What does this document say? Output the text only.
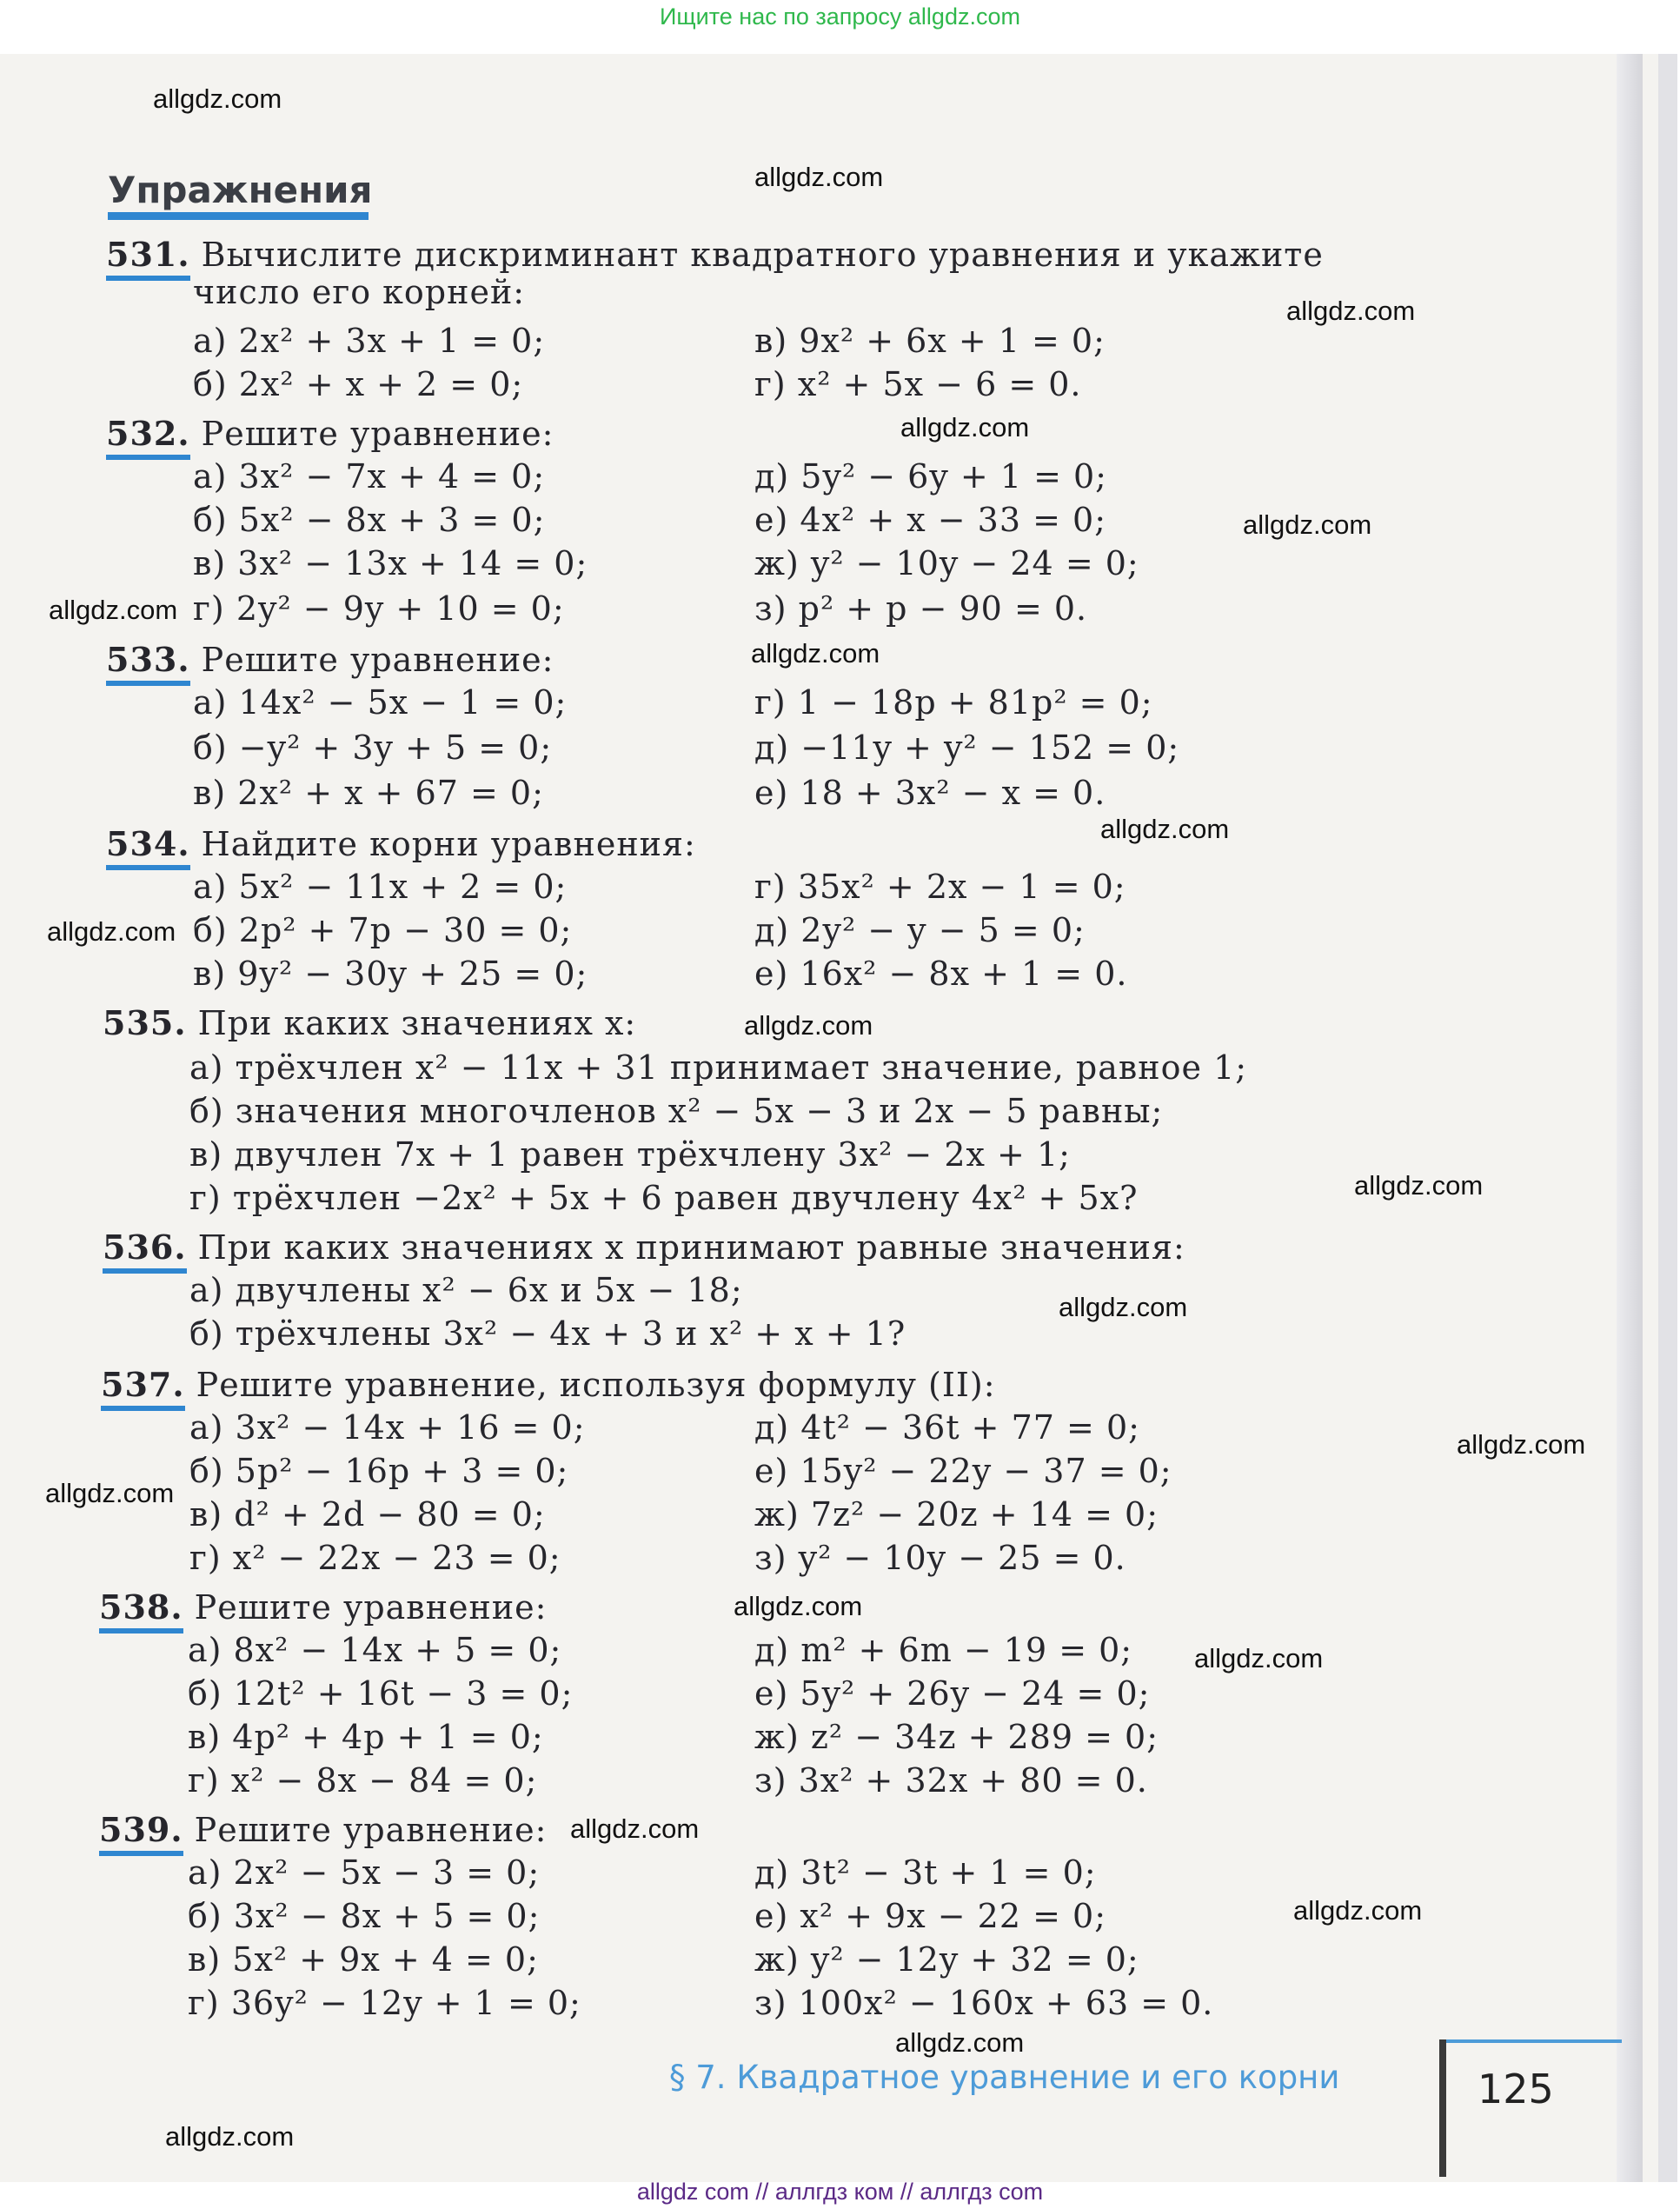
Ищите нас по запросу allgdz.com
Упражнения
531. Вычислите дискриминант квадратного уравнения и укажите
число его корней:
а) 2x² + 3x + 1 = 0;
б) 2x² + x + 2 = 0;
в) 9x² + 6x + 1 = 0;
г) x² + 5x − 6 = 0.
532. Решите уравнение:
а) 3x² − 7x + 4 = 0;
б) 5x² − 8x + 3 = 0;
в) 3x² − 13x + 14 = 0;
г) 2y² − 9y + 10 = 0;
д) 5y² − 6y + 1 = 0;
е) 4x² + x − 33 = 0;
ж) y² − 10y − 24 = 0;
з) p² + p − 90 = 0.
533. Решите уравнение:
а) 14x² − 5x − 1 = 0;
б) −y² + 3y + 5 = 0;
в) 2x² + x + 67 = 0;
г) 1 − 18p + 81p² = 0;
д) −11y + y² − 152 = 0;
е) 18 + 3x² − x = 0.
534. Найдите корни уравнения:
а) 5x² − 11x + 2 = 0;
б) 2p² + 7p − 30 = 0;
в) 9y² − 30y + 25 = 0;
г) 35x² + 2x − 1 = 0;
д) 2y² − y − 5 = 0;
е) 16x² − 8x + 1 = 0.
535. При каких значениях x:
а) трёхчлен x² − 11x + 31 принимает значение, равное 1;
б) значения многочленов x² − 5x − 3 и 2x − 5 равны;
в) двучлен 7x + 1 равен трёхчлену 3x² − 2x + 1;
г) трёхчлен −2x² + 5x + 6 равен двучлену 4x² + 5x?
536. При каких значениях x принимают равные значения:
а) двучлены x² − 6x и 5x − 18;
б) трёхчлены 3x² − 4x + 3 и x² + x + 1?
537. Решите уравнение, используя формулу (II):
а) 3x² − 14x + 16 = 0;
б) 5p² − 16p + 3 = 0;
в) d² + 2d − 80 = 0;
г) x² − 22x − 23 = 0;
д) 4t² − 36t + 77 = 0;
е) 15y² − 22y − 37 = 0;
ж) 7z² − 20z + 14 = 0;
з) y² − 10y − 25 = 0.
538. Решите уравнение:
а) 8x² − 14x + 5 = 0;
б) 12t² + 16t − 3 = 0;
в) 4p² + 4p + 1 = 0;
г) x² − 8x − 84 = 0;
д) m² + 6m − 19 = 0;
е) 5y² + 26y − 24 = 0;
ж) z² − 34z + 289 = 0;
з) 3x² + 32x + 80 = 0.
539. Решите уравнение:
а) 2x² − 5x − 3 = 0;
б) 3x² − 8x + 5 = 0;
в) 5x² + 9x + 4 = 0;
г) 36y² − 12y + 1 = 0;
д) 3t² − 3t + 1 = 0;
е) x² + 9x − 22 = 0;
ж) y² − 12y + 32 = 0;
з) 100x² − 160x + 63 = 0.
§ 7. Квадратное уравнение и его корни	125
allgdz.com
allgdz.com
allgdz.com
allgdz.com
allgdz.com
allgdz.com
allgdz.com
allgdz.com
allgdz.com
allgdz.com
allgdz.com
allgdz.com
allgdz.com
allgdz.com
allgdz.com
allgdz.com
allgdz.com
allgdz.com
allgdz.com
allgdz.com
allgdz com // аллгдз ком // аллгдз com
